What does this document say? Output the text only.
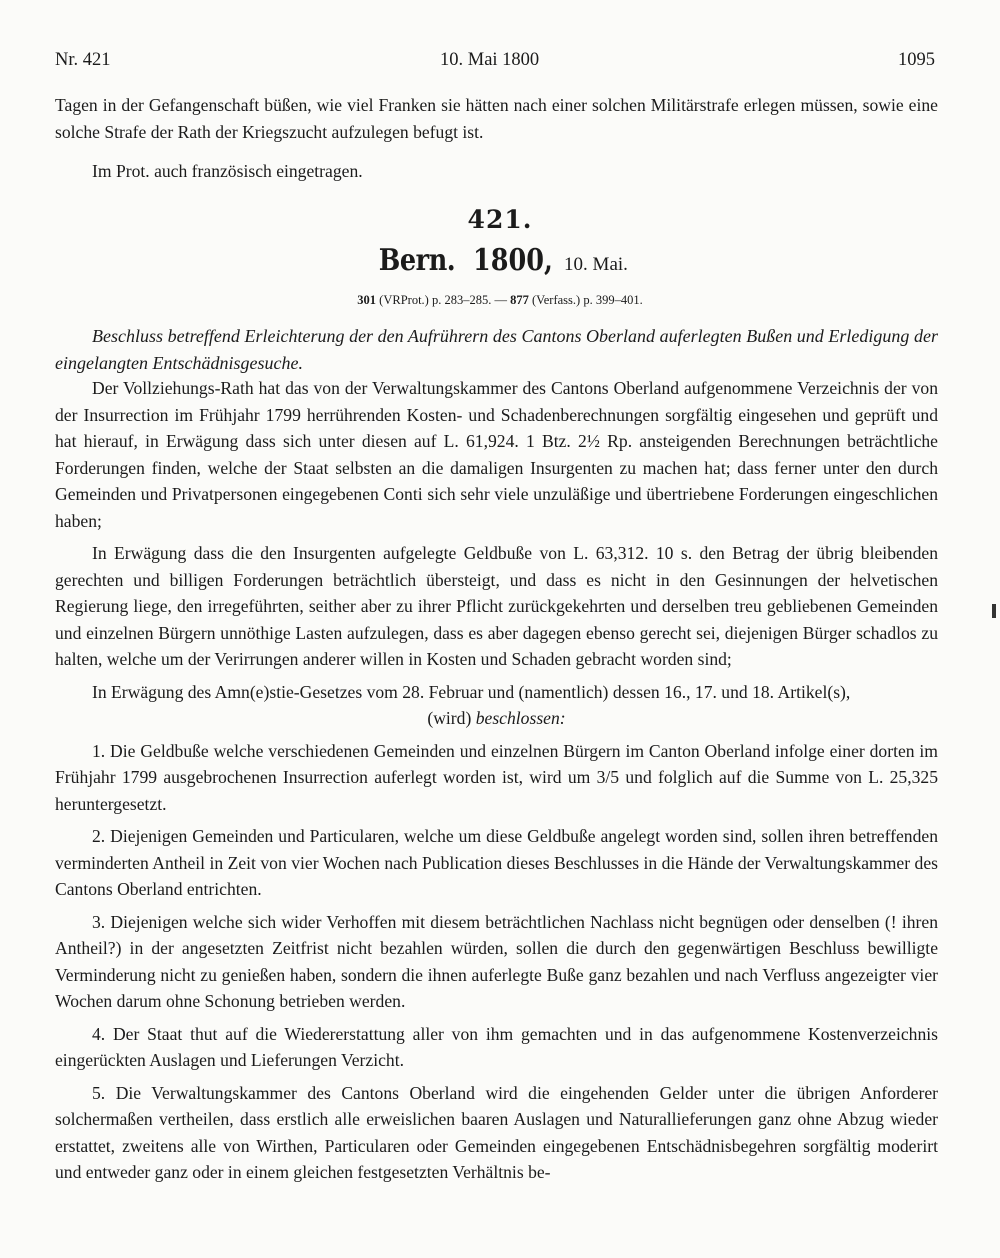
Nr. 421	10. Mai 1800	1095

Tagen in der Gefangenschaft büßen, wie viel Franken sie hätten nach einer solchen Militärstrafe erlegen müssen, sowie eine solche Strafe der Rath der Kriegszucht aufzulegen befugt ist.

Im Prot. auch französisch eingetragen.

421.
Bern. 1800, 10. Mai.
301 (VRProt.) p. 283–285. — 877 (Verfass.) p. 399–401.
Beschluss betreffend Erleichterung der den Aufrührern des Cantons Oberland auferlegten Bußen und Erledigung der eingelangten Entschädnisgesuche.

Der Vollziehungs-Rath hat das von der Verwaltungskammer des Cantons Oberland aufgenommene Verzeichnis der von der Insurrection im Frühjahr 1799 herrührenden Kosten- und Schadenberechnungen sorgfältig eingesehen und geprüft und hat hierauf, in Erwägung dass sich unter diesen auf L. 61,924. 1 Btz. 2½ Rp. ansteigenden Berechnungen beträchtliche Forderungen finden, welche der Staat selbsten an die damaligen Insurgenten zu machen hat; dass ferner unter den durch Gemeinden und Privatpersonen eingegebenen Conti sich sehr viele unzuläßige und übertriebene Forderungen eingeschlichen haben;

In Erwägung dass die den Insurgenten aufgelegte Geldbuße von L. 63,312. 10 s. den Betrag der übrig bleibenden gerechten und billigen Forderungen beträchtlich übersteigt, und dass es nicht in den Gesinnungen der helvetischen Regierung liege, den irregeführten, seither aber zu ihrer Pflicht zurückgekehrten und derselben treu gebliebenen Gemeinden und einzelnen Bürgern unnöthige Lasten aufzulegen, dass es aber dagegen ebenso gerecht sei, diejenigen Bürger schadlos zu halten, welche um der Verirrungen anderer willen in Kosten und Schaden gebracht worden sind;

In Erwägung des Amn(e)stie-Gesetzes vom 28. Februar und (namentlich) dessen 16., 17. und 18. Artikel(s),

(wird) beschlossen:

1. Die Geldbuße welche verschiedenen Gemeinden und einzelnen Bürgern im Canton Oberland infolge einer dorten im Frühjahr 1799 ausgebrochenen Insurrection auferlegt worden ist, wird um 3/5 und folglich auf die Summe von L. 25,325 heruntergesetzt.

2. Diejenigen Gemeinden und Particularen, welche um diese Geldbuße angelegt worden sind, sollen ihren betreffenden verminderten Antheil in Zeit von vier Wochen nach Publication dieses Beschlusses in die Hände der Verwaltungskammer des Cantons Oberland entrichten.

3. Diejenigen welche sich wider Verhoffen mit diesem beträchtlichen Nachlass nicht begnügen oder denselben (! ihren Antheil?) in der angesetzten Zeitfrist nicht bezahlen würden, sollen die durch den gegenwärtigen Beschluss bewilligte Verminderung nicht zu genießen haben, sondern die ihnen auferlegte Buße ganz bezahlen und nach Verfluss angezeigter vier Wochen darum ohne Schonung betrieben werden.

4. Der Staat thut auf die Wiedererstattung aller von ihm gemachten und in das aufgenommene Kostenverzeichnis eingerückten Auslagen und Lieferungen Verzicht.

5. Die Verwaltungskammer des Cantons Oberland wird die eingehenden Gelder unter die übrigen Anforderer solchermaßen vertheilen, dass erstlich alle erweislichen baaren Auslagen und Naturallieferungen ganz ohne Abzug wieder erstattet, zweitens alle von Wirthen, Particularen oder Gemeinden eingegebenen Entschädnisbegehren sorgfältig moderirt und entweder ganz oder in einem gleichen festgesetzten Verhältnis be-
